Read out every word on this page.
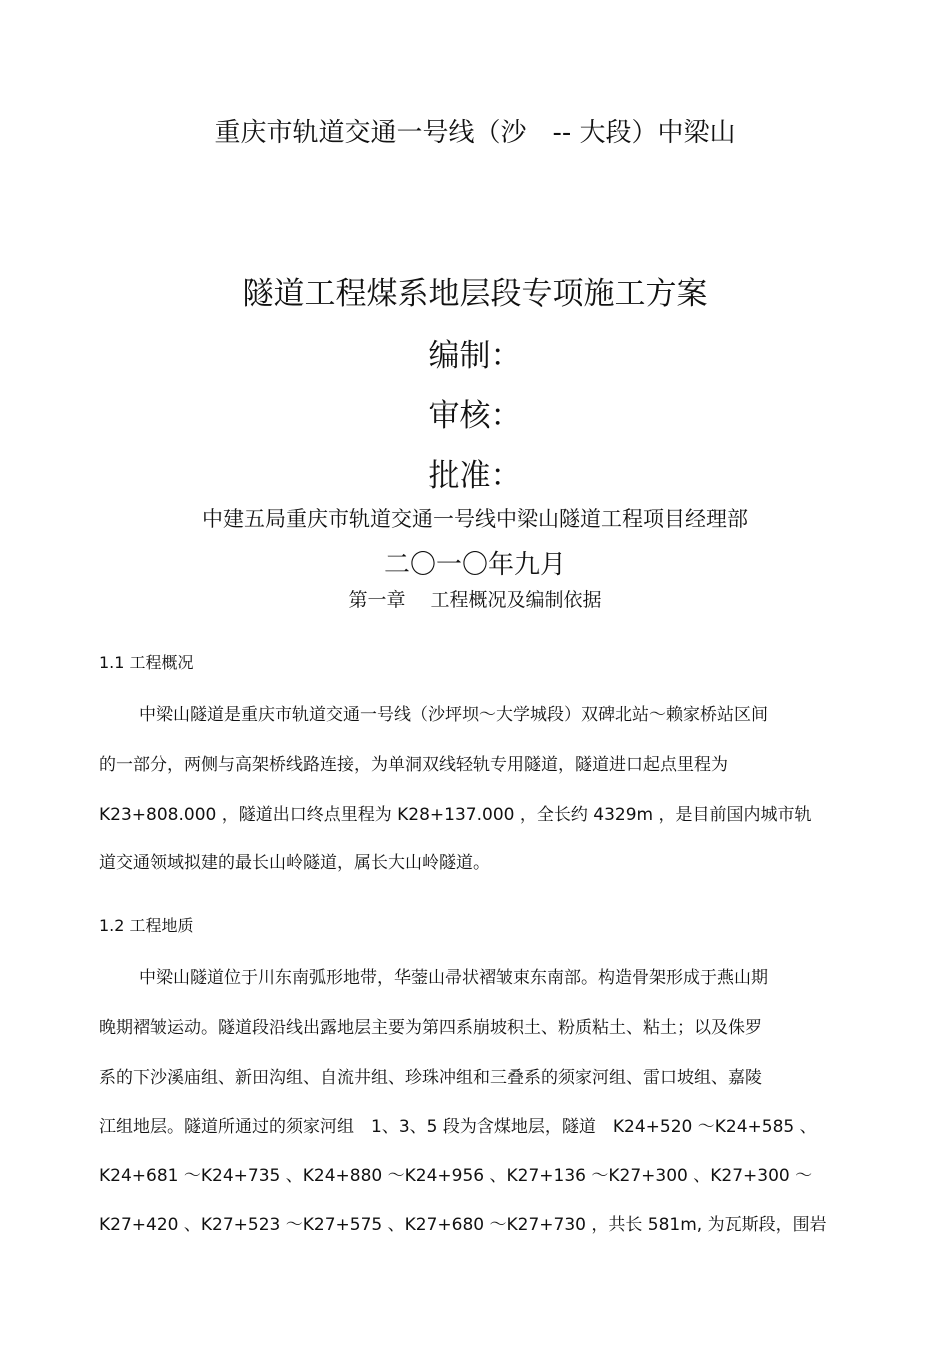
重庆市轨道交通一号线（沙　-- 大段）中梁山
隧道工程煤系地层段专项施工方案
编制：
审核：
批准：
中建五局重庆市轨道交通一号线中梁山隧道工程项目经理部
二〇一〇年九月
第一章　 工程概况及编制依据
1.1 工程概况
中梁山隧道是重庆市轨道交通一号线（沙坪坝～大学城段）双碑北站～赖家桥站区间
的一部分，两侧与高架桥线路连接，为单洞双线轻轨专用隧道，隧道进口起点里程为
K23+808.000 ，隧道出口终点里程为 K28+137.000 ，全长约 4329m ，是目前国内城市轨
道交通领域拟建的最长山岭隧道，属长大山岭隧道。
1.2 工程地质
中梁山隧道位于川东南弧形地带，华蓥山帚状褶皱束东南部。构造骨架形成于燕山期
晚期褶皱运动。隧道段沿线出露地层主要为第四系崩坡积土、粉质粘土、粘土；以及侏罗
系的下沙溪庙组、新田沟组、自流井组、珍珠冲组和三叠系的须家河组、雷口坡组、嘉陵
江组地层。隧道所通过的须家河组　1、3、5 段为含煤地层，隧道　K24+520 ～K24+585 、
K24+681 ～K24+735 、K24+880 ～K24+956 、K27+136 ～K27+300 、K27+300 ～
K27+420 、K27+523 ～K27+575 、K27+680 ～K27+730 ，共长 581m, 为瓦斯段，围岩
